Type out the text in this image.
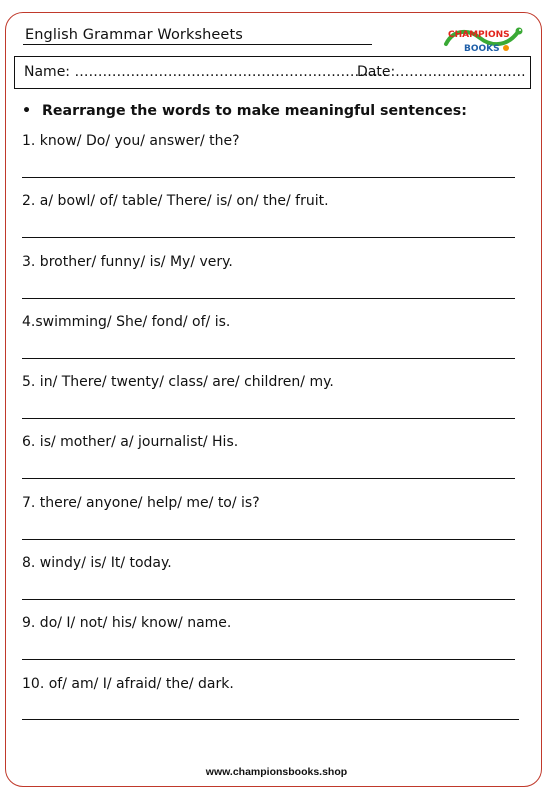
English Grammar Worksheets	CHAMPIONS
BOOKS
Name: ………………………………………………………….
Date:……………………….
• Rearrange the words to make meaningful sentences:
1. know/ Do/ you/ answer/ the?
2. a/ bowl/ of/ table/ There/ is/ on/ the/ fruit.
3. brother/ funny/ is/ My/ very.
4.swimming/ She/ fond/ of/ is.
5. in/ There/ twenty/ class/ are/ children/ my.
6. is/ mother/ a/ journalist/ His.
7. there/ anyone/ help/ me/ to/ is?
8. windy/ is/ It/ today.
9. do/ I/ not/ his/ know/ name.
10. of/ am/ I/ afraid/ the/ dark.
www.championsbooks.shop
